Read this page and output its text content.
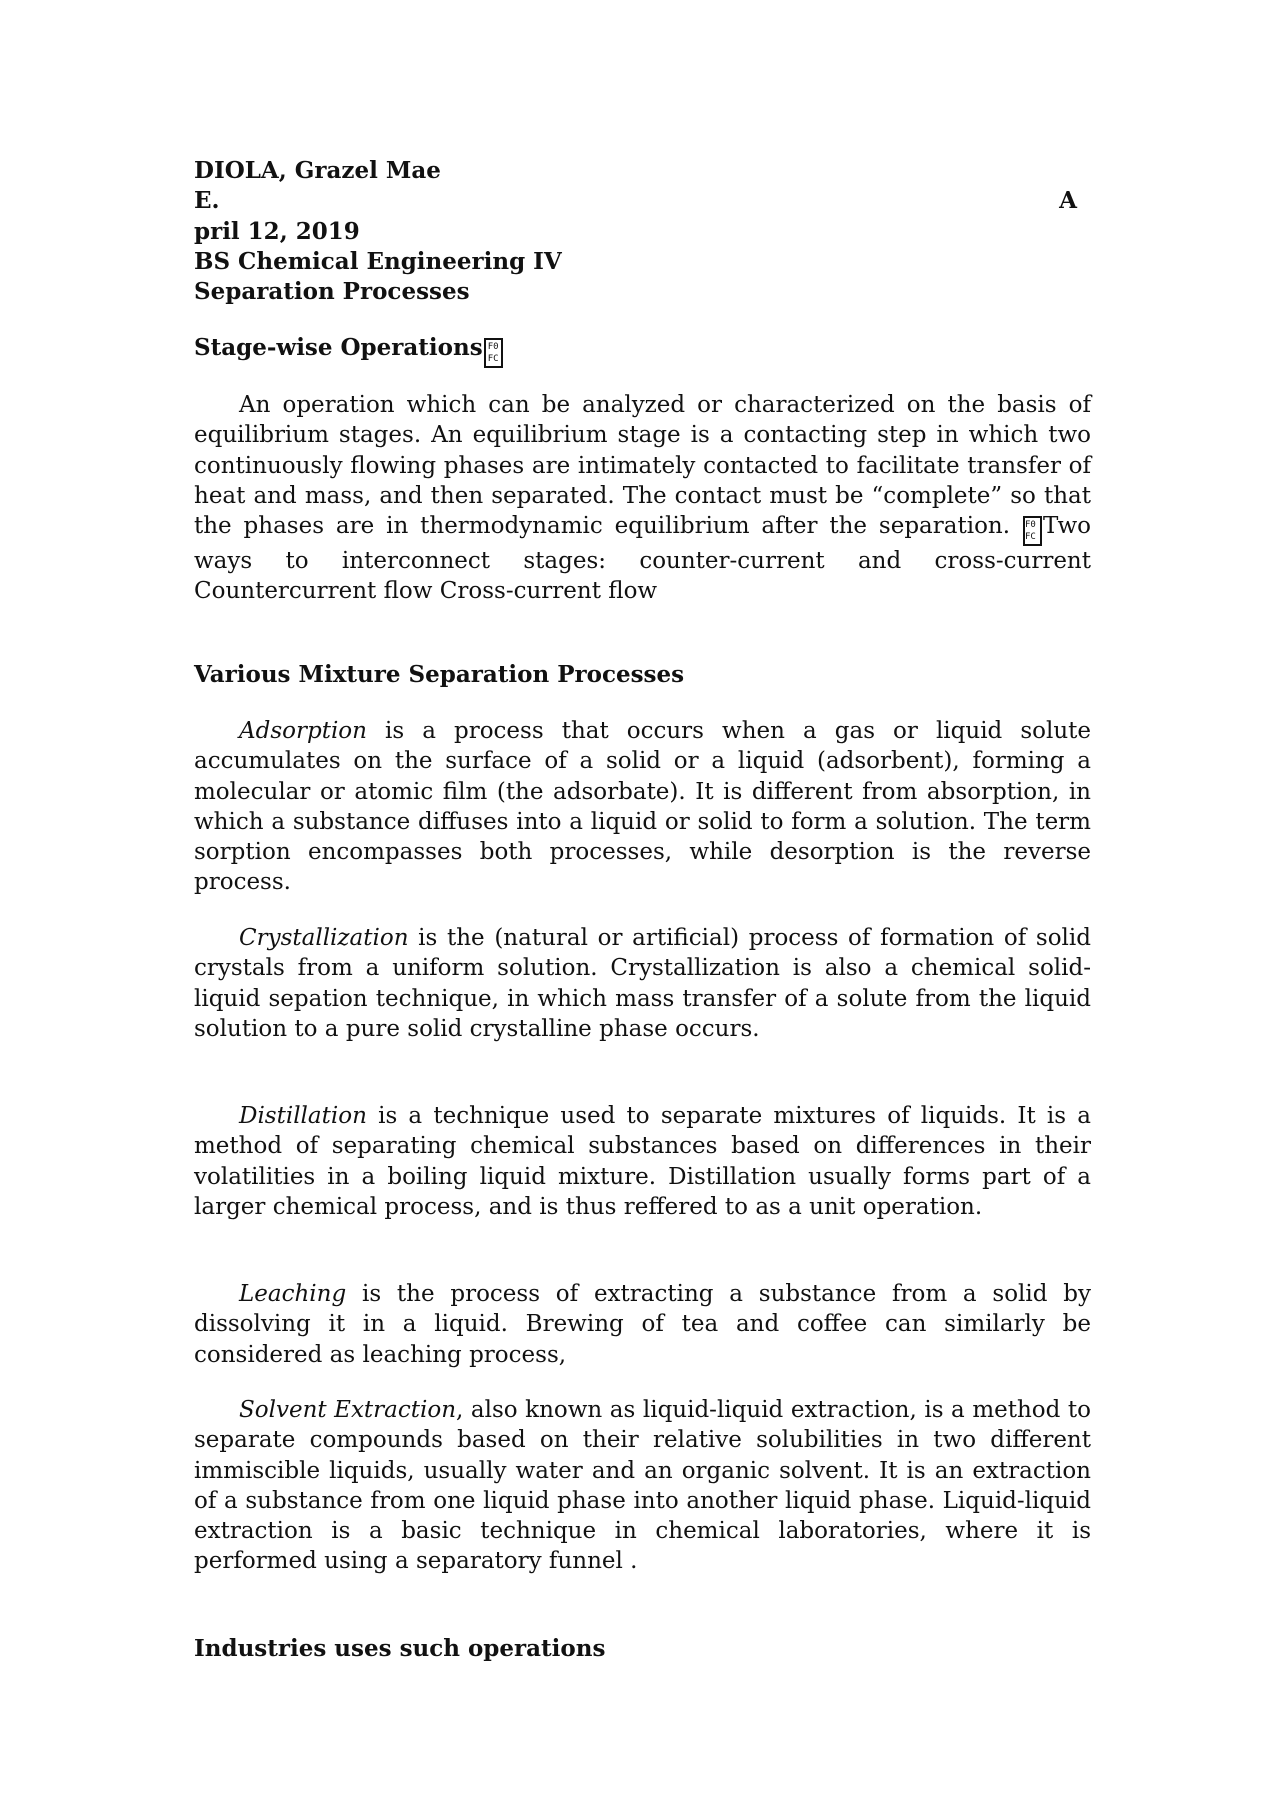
DIOLA, Grazel Mae
E.	A
pril 12, 2019
BS Chemical Engineering IV
Separation Processes
Stage-wise Operations F0
FC
An operation which can be analyzed or characterized on the basis of equilibrium stages. An equilibrium stage is a contacting step in which two continuously flowing phases are intimately contacted to facilitate transfer of heat and mass, and then separated. The contact must be “complete” so that the phases are in thermodynamic equilibrium after the separation. F0
FC Two ways to interconnect stages: counter-current and cross-current
Countercurrent flow Cross-current flow
Various Mixture Separation Processes
Adsorption is a process that occurs when a gas or liquid solute accumulates on the surface of a solid or a liquid (adsorbent), forming a molecular or atomic film (the adsorbate). It is different from absorption, in which a substance diffuses into a liquid or solid to form a solution. The term sorption encompasses both processes, while desorption is the reverse process.
Crystallization is the (natural or artificial) process of formation of solid crystals from a uniform solution. Crystallization is also a chemical solid-liquid sepation technique, in which mass transfer of a solute from the liquid solution to a pure solid crystalline phase occurs.
Distillation is a technique used to separate mixtures of liquids. It is a method of separating chemical substances based on differences in their volatilities in a boiling liquid mixture. Distillation usually forms part of a larger chemical process, and is thus reffered to as a unit operation.
Leaching is the process of extracting a substance from a solid by dissolving it in a liquid. Brewing of tea and coffee can similarly be considered as leaching process,
Solvent Extraction, also known as liquid-liquid extraction, is a method to separate compounds based on their relative solubilities in two different immiscible liquids, usually water and an organic solvent. It is an extraction of a substance from one liquid phase into another liquid phase. Liquid-liquid extraction is a basic technique in chemical laboratories, where it is performed using a separatory funnel .
Industries uses such operations
